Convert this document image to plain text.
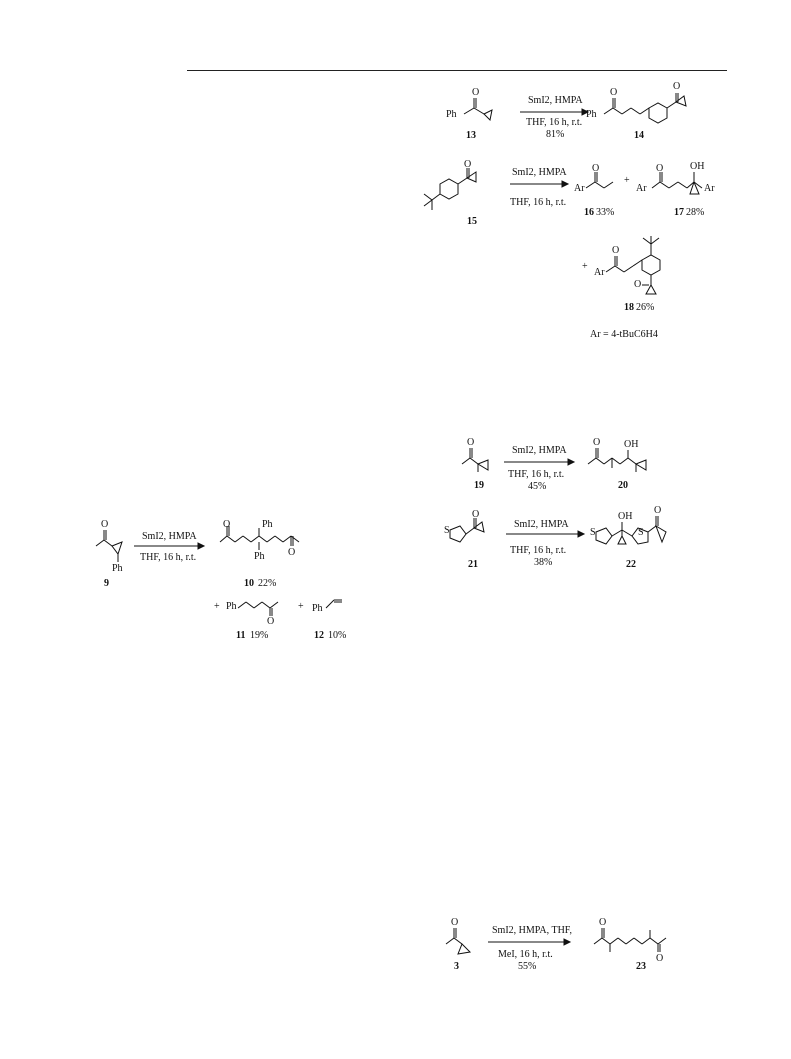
Ph
O
SmI2, HMPA
THF, 16 h, r.t.
81%
13
Ph
O
O
14
O
15
SmI2, HMPA
THF, 16 h, r.t.
Ar
O
16 33%
+
Ar
O	OH
Ar
17 28%
+
Ar
O
O
18 26%
Ar = 4-tBuC6H4
O
Ph
9
SmI2, HMPA
THF, 16 h, r.t.
O	Ph
Ph O
10 22%
+ Ph
O
11 19%
+ Ph
12 10%
O
19
SmI2, HMPA
THF, 16 h, r.t.
45%
O OH
20
S
O
21
SmI2, HMPA
THF, 16 h, r.t.
38%
S
OH
S
O
22
O
3
SmI2, HMPA, THF,
MeI, 16 h, r.t.
55%
O
O
23
